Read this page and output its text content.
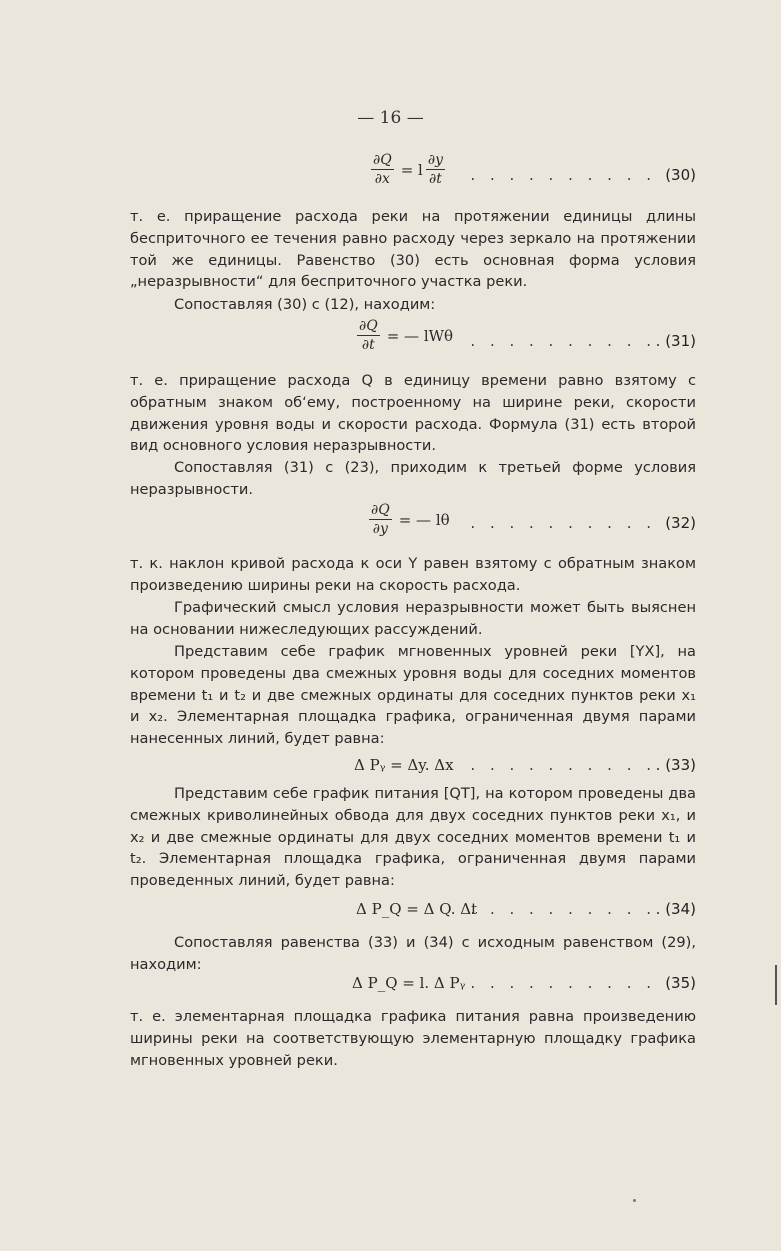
— 16 —
$\frac{\partial Q}{\partial x} = l \frac{\partial y}{\partial t}$ . . . . . . . . . . (30)

т. е. приращение расхода реки на протяжении единицы длины бесприточного ее течения равно расходу через зеркало на протяжении той же единицы. Равенство (30) есть основная форма условия „неразрывности“ для бесприточного участка реки.

Сопоставляя (30) с (12), находим:

$\frac{\partial Q}{\partial t}$ = — lWθ . . . . . . . . . . . (31)

т. е. приращение расхода Q в единицу времени равно взятому с обратным знаком об‘ему, построенному на ширине реки, скорости движения уровня воды и скорости расхода. Формула (31) есть второй вид основного условия неразрывности.

Сопоставляя (31) с (23), приходим к третьей форме условия неразрывности.

$\frac{\partial Q}{\partial y}$ = — lθ . . . . . . . . . . (32)

т. к. наклон кривой расхода к оси Y равен взятому с обратным знаком произведению ширины реки на скорость расхода.

Графический смысл условия неразрывности может быть выяснен на основании нижеследующих рассуждений.

Представим себе график мгновенных уровней реки [YX], на котором проведены два смежных уровня воды для соседних моментов времени t₁ и t₂ и две смежных ординаты для соседних пунктов реки x₁ и x₂. Элементарная площадка графика, ограниченная двумя парами нанесенных линий, будет равна:

Δ Pᵧ = Δy. Δx . . . . . . . . . . . (33)

Представим себе график питания [QT], на котором проведены два смежных криволинейных обвода для двух соседних пунктов реки x₁, и x₂ и две смежные ординаты для двух соседних моментов времени t₁ и t₂. Элементарная площадка графика, ограниченная двумя парами проведенных линий, будет равна:

Δ P_Q = Δ Q. Δt
. . . . . . . . . . . (34)

Сопоставляя равенства (33) и (34) с исходным равенством (29), находим:

Δ P_Q = l. Δ Pᵧ . . . . . . . . . . (35)

т. е. элементарная площадка графика питания равна произведению ширины реки на соответствующую элементарную площадку графика мгновенных уровней реки.
